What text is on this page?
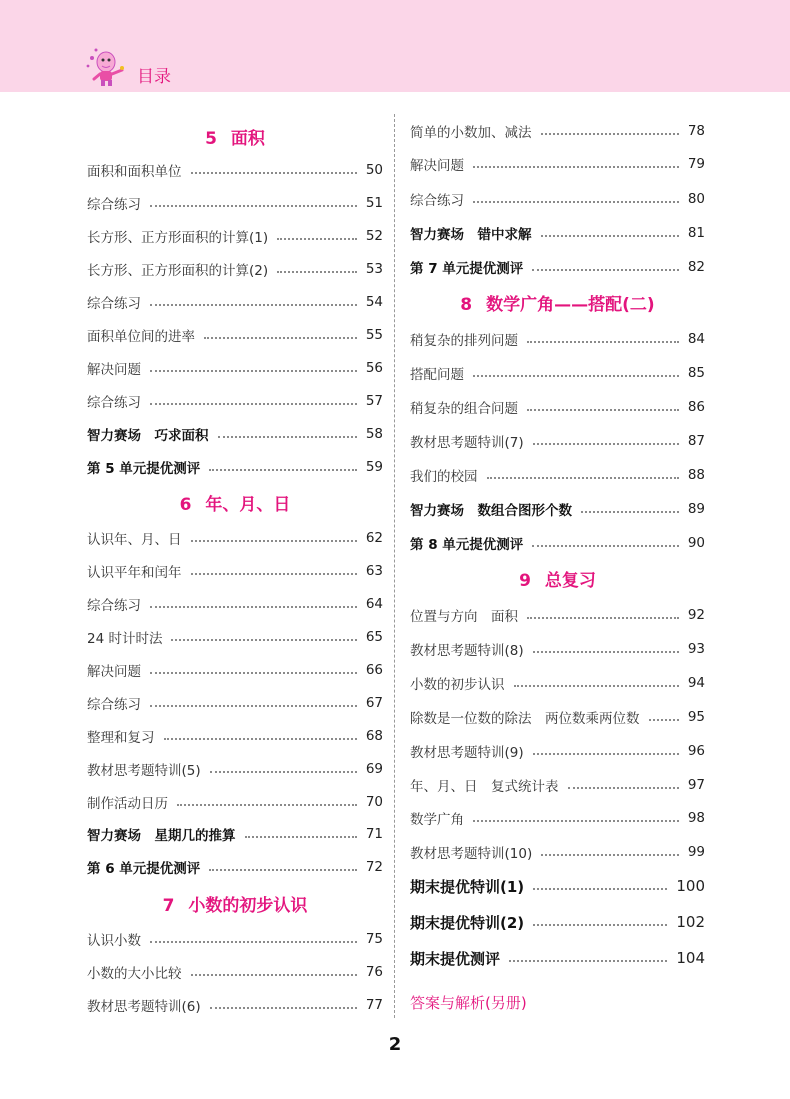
目录
5 面积
面积和面积单位	50
综合练习	51
长方形、正方形面积的计算(1)	52
长方形、正方形面积的计算(2)	53
综合练习	54
面积单位间的进率	55
解决问题	56
综合练习	57
智力赛场　巧求面积	58
第 5 单元提优测评	59
6 年、月、日
认识年、月、日	62
认识平年和闰年	63
综合练习	64
24 时计时法	65
解决问题	66
综合练习	67
整理和复习	68
教材思考题特训(5)	69
制作活动日历	70
智力赛场　星期几的推算	71
第 6 单元提优测评	72
7 小数的初步认识
认识小数	75
小数的大小比较	76
教材思考题特训(6)	77
简单的小数加、减法	78
解决问题	79
综合练习	80
智力赛场　错中求解	81
第 7 单元提优测评	82
8 数学广角——搭配(二)
稍复杂的排列问题	84
搭配问题	85
稍复杂的组合问题	86
教材思考题特训(7)	87
我们的校园	88
智力赛场　数组合图形个数	89
第 8 单元提优测评	90
9 总复习
位置与方向　面积	92
教材思考题特训(8)	93
小数的初步认识	94
除数是一位数的除法　两位数乘两位数	95
教材思考题特训(9)	96
年、月、日　复式统计表	97
数学广角	98
教材思考题特训(10)	99
期末提优特训(1)	100
期末提优特训(2)	102
期末提优测评	104
答案与解析(另册)
2
